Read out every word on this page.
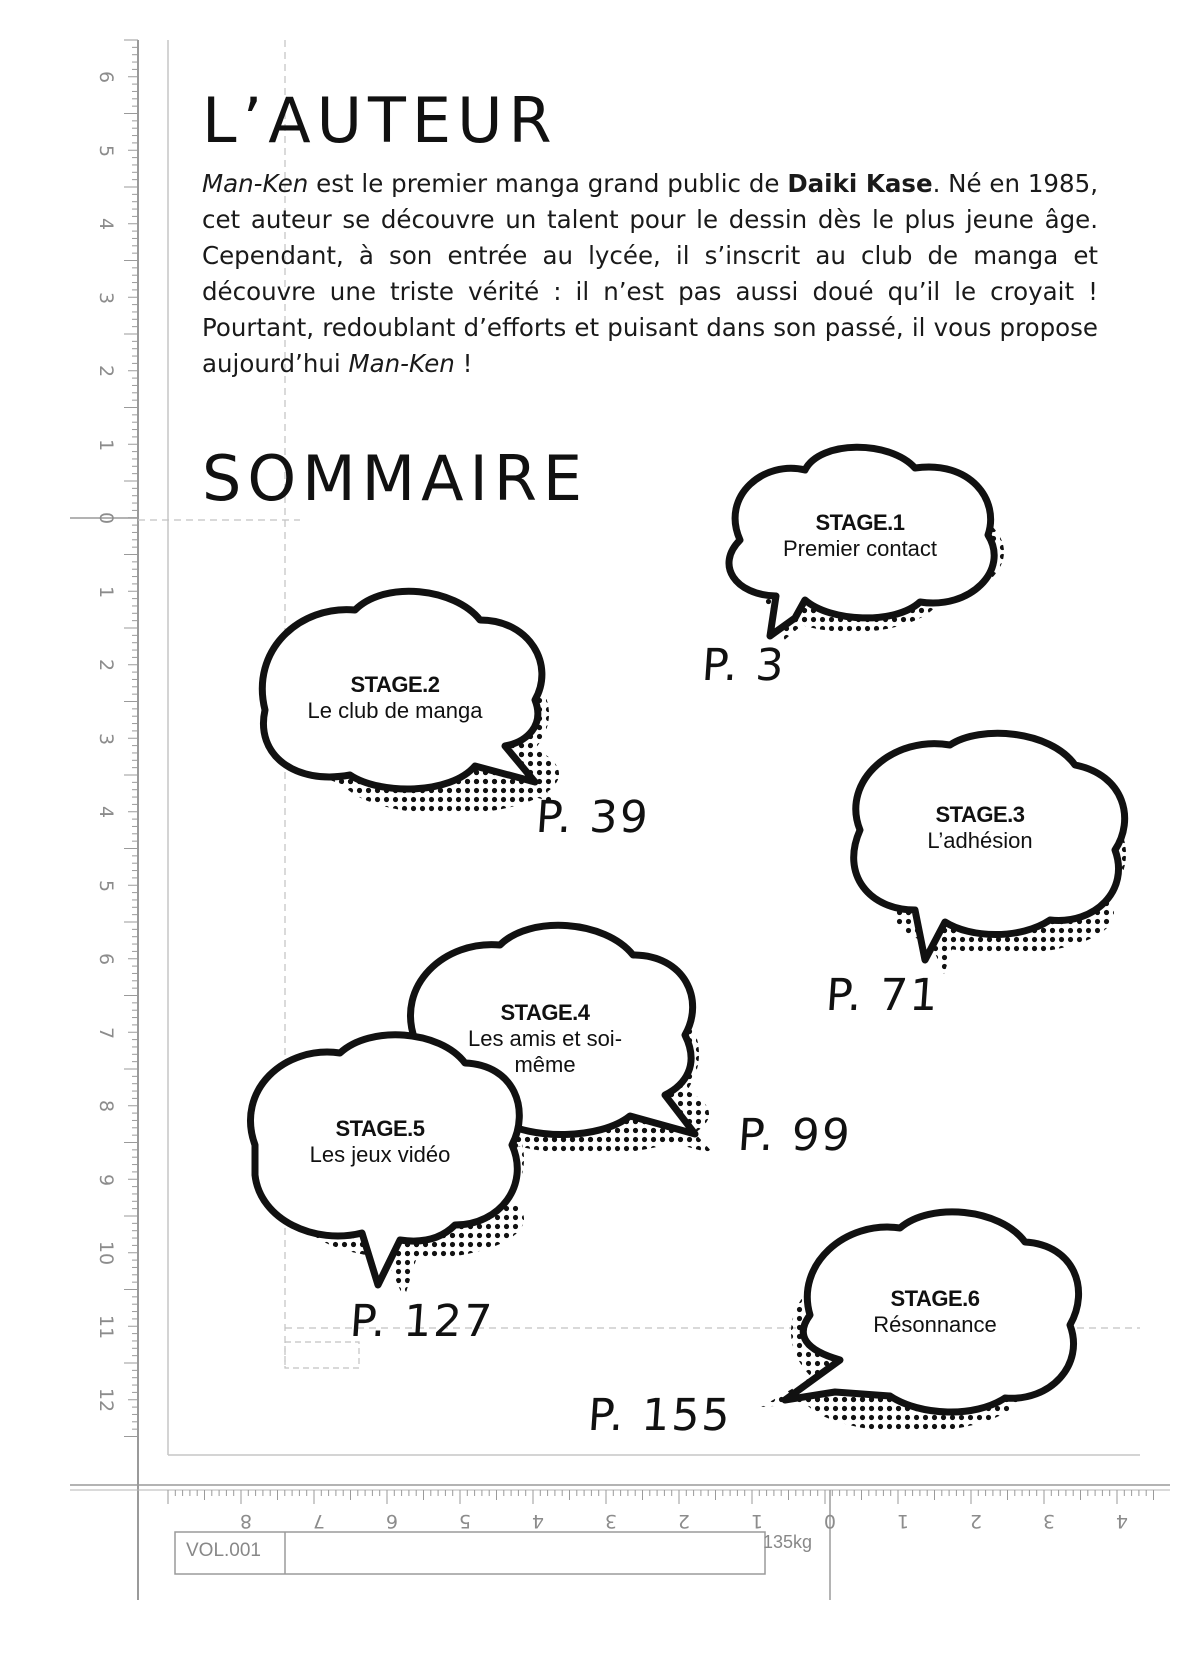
6
5
4
3
2
1
0
1
2
3
4
5
6
7
8
9
10
11
12
8	7	6	5	4	3	2	1	0	1	2	3	4
VOL.001	135kg
L’AUTEUR

Man-Ken est le premier manga grand public de Daiki Kase. Né en 1985, cet auteur se découvre un talent pour le dessin dès le plus jeune âge. Cependant, à son entrée au lycée, il s’inscrit au club de manga et découvre une triste vérité : il n’est pas aussi doué qu’il le croyait ! Pourtant, redoublant d’efforts et puisant dans son passé, il vous propose aujourd’hui Man-Ken !

SOMMAIRE
STAGE.1
Premier contact
STAGE.2
Le club de manga
STAGE.3
L’adhésion
STAGE.4
Les amis et soi-même
STAGE.5
Les jeux vidéo
STAGE.6
Résonnance
P. 3
P. 39
P. 71
P. 99
P. 127
P. 155
